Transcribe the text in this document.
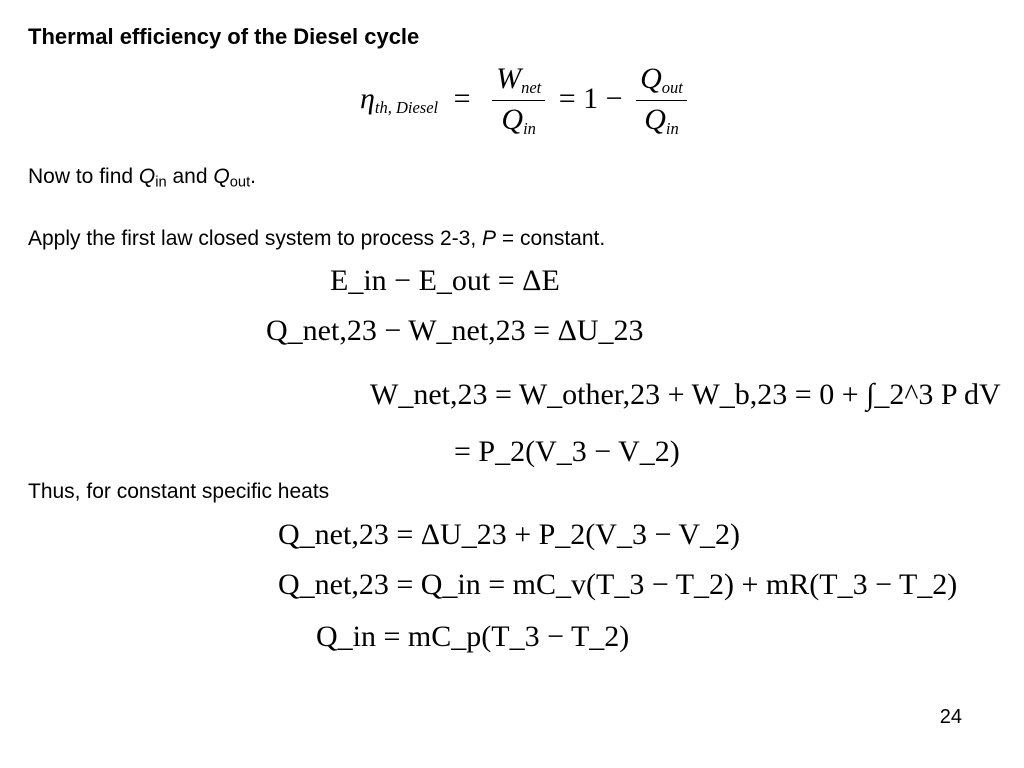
Thermal efficiency of the Diesel cycle
$\eta_{th, Diesel} = \frac{W_{net}}{Q_{in}} = 1 - \frac{Q_{out}}{Q_{in}}$
Now to find $Q_{in}$ and $Q_{out}$.
Apply the first law closed system to process 2-3, P = constant.
E_in − E_out = ΔE
Q_net,23 − W_net,23 = ΔU_23
W_net,23 = W_other,23 + W_b,23 = 0 + ∫_2^3 P dV
= P_2(V_3 − V_2)
Thus, for constant specific heats
Q_net,23 = ΔU_23 + P_2(V_3 − V_2)
Q_net,23 = Q_in = mC_v(T_3 − T_2) + mR(T_3 − T_2)
Q_in = mC_p(T_3 − T_2)
24
